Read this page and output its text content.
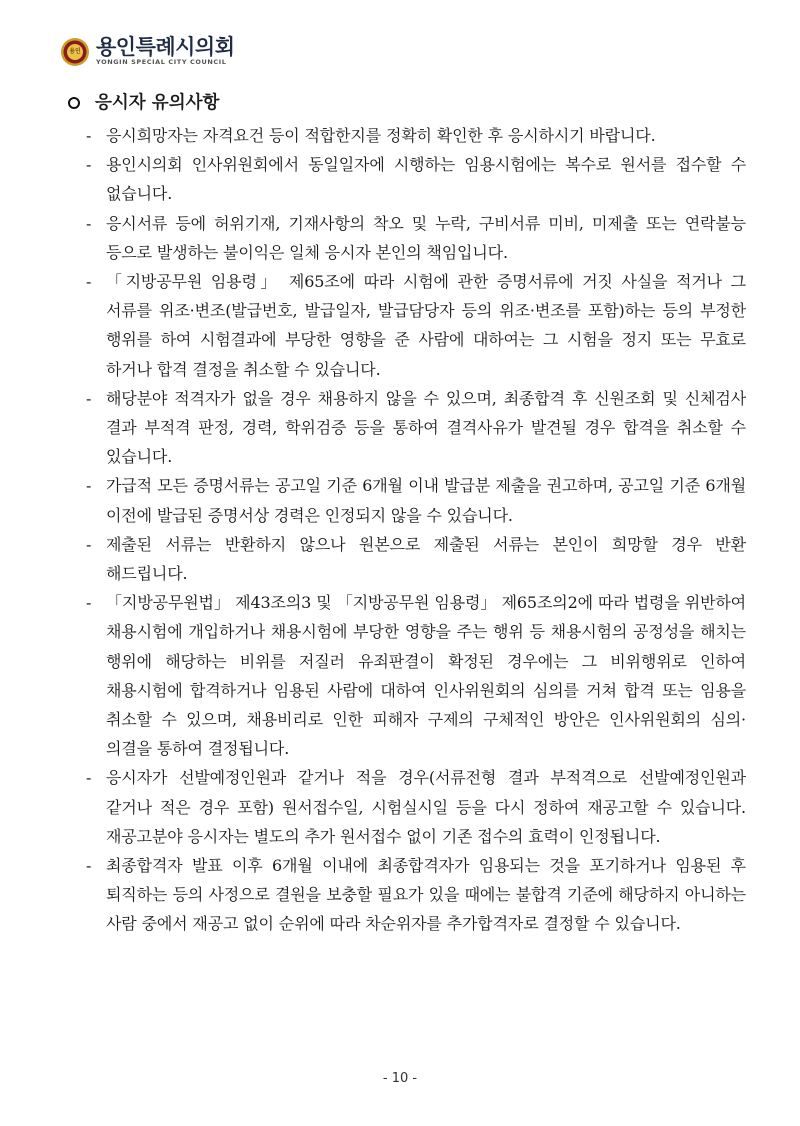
용인 용인특례시의회
YONGIN SPECIAL CITY COUNCIL
응시자 유의사항
- 응시희망자는 자격요건 등이 적합한지를 정확히 확인한 후 응시하시기 바랍니다.
- 용인시의회 인사위원회에서 동일일자에 시행하는 임용시험에는 복수로 원서를 접수할 수 없습니다.
- 응시서류 등에 허위기재, 기재사항의 착오 및 누락, 구비서류 미비, 미제출 또는 연락불능 등으로 발생하는 불이익은 일체 응시자 본인의 책임입니다.
- 「지방공무원 임용령」 제65조에 따라 시험에 관한 증명서류에 거짓 사실을 적거나 그 서류를 위조·변조(발급번호, 발급일자, 발급담당자 등의 위조·변조를 포함)하는 등의 부정한 행위를 하여 시험결과에 부당한 영향을 준 사람에 대하여는 그 시험을 정지 또는 무효로 하거나 합격 결정을 취소할 수 있습니다.
- 해당분야 적격자가 없을 경우 채용하지 않을 수 있으며, 최종합격 후 신원조회 및 신체검사 결과 부적격 판정, 경력, 학위검증 등을 통하여 결격사유가 발견될 경우 합격을 취소할 수 있습니다.
- 가급적 모든 증명서류는 공고일 기준 6개월 이내 발급분 제출을 권고하며, 공고일 기준 6개월 이전에 발급된 증명서상 경력은 인정되지 않을 수 있습니다.
- 제출된 서류는 반환하지 않으나 원본으로 제출된 서류는 본인이 희망할 경우 반환 해드립니다.
- 「지방공무원법」 제43조의3 및 「지방공무원 임용령」 제65조의2에 따라 법령을 위반하여 채용시험에 개입하거나 채용시험에 부당한 영향을 주는 행위 등 채용시험의 공정성을 해치는 행위에 해당하는 비위를 저질러 유죄판결이 확정된 경우에는 그 비위행위로 인하여 채용시험에 합격하거나 임용된 사람에 대하여 인사위원회의 심의를 거쳐 합격 또는 임용을 취소할 수 있으며, 채용비리로 인한 피해자 구제의 구체적인 방안은 인사위원회의 심의·의결을 통하여 결정됩니다.
- 응시자가 선발예정인원과 같거나 적을 경우(서류전형 결과 부적격으로 선발예정인원과 같거나 적은 경우 포함) 원서접수일, 시험실시일 등을 다시 정하여 재공고할 수 있습니다. 재공고분야 응시자는 별도의 추가 원서접수 없이 기존 접수의 효력이 인정됩니다.
- 최종합격자 발표 이후 6개월 이내에 최종합격자가 임용되는 것을 포기하거나 임용된 후 퇴직하는 등의 사정으로 결원을 보충할 필요가 있을 때에는 불합격 기준에 해당하지 아니하는 사람 중에서 재공고 없이 순위에 따라 차순위자를 추가합격자로 결정할 수 있습니다.
- 10 -
